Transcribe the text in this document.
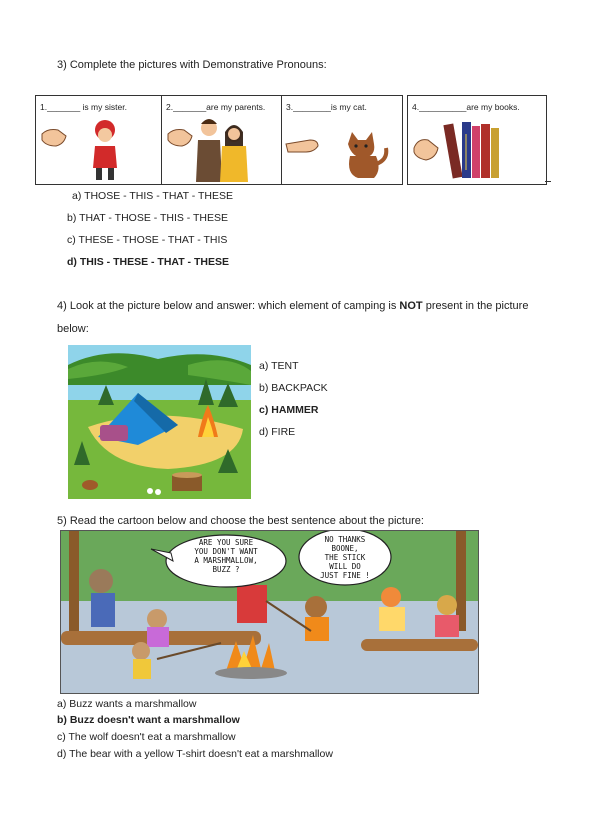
3) Complete the pictures with Demonstrative Pronouns:
1._______ is my sister.	2._______are my parents. 3.________is my cat.	4.__________are my books.
a) THOSE - THIS - THAT - THESE
b) THAT - THOSE - THIS - THESE
c) THESE - THOSE - THAT - THIS
d) THIS - THESE - THAT - THESE
4) Look at the picture below and answer: which element of camping is NOT present in the picture
below:
a) TENT
b) BACKPACK
c) HAMMER
d) FIRE
5) Read the cartoon below and choose the best sentence about the picture:
ARE YOU SURE
YOU DON'T WANT
A MARSHMALLOW,
BUZZ ?
NO THANKS
BOONE,
THE STICK
WILL DO
JUST FINE !
a) Buzz wants a marshmallow
b) Buzz doesn't want a marshmallow
c) The wolf doesn't eat a marshmallow
d) The bear with a yellow T-shirt doesn't eat a marshmallow
